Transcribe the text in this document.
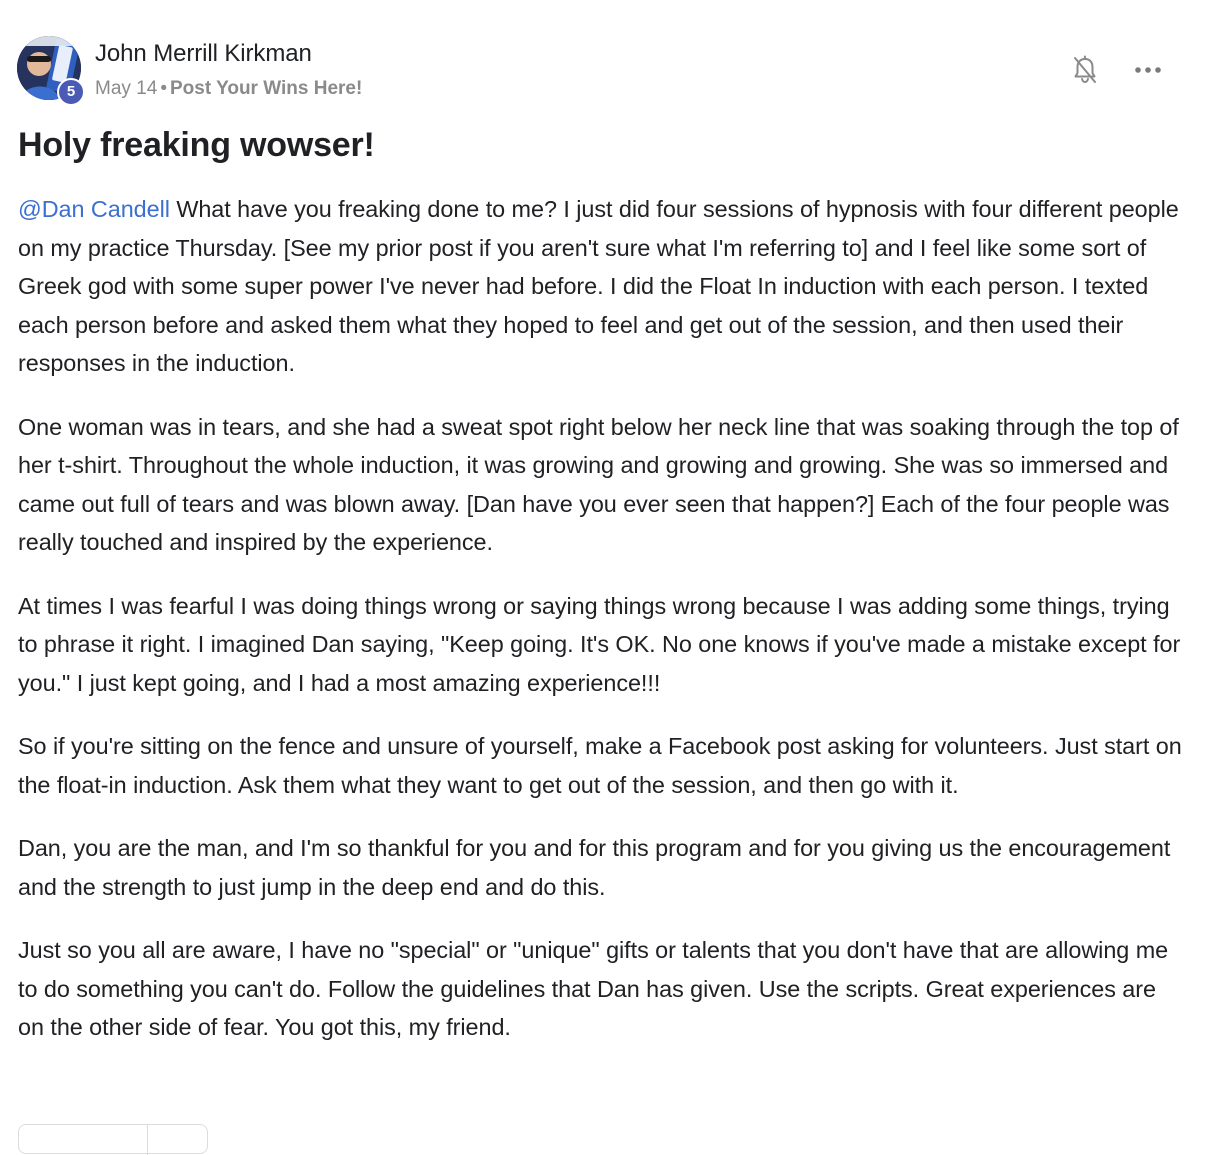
5
John Merrill Kirkman
May 14 • Post Your Wins Here!
Holy freaking wowser!

@Dan Candell What have you freaking done to me? I just did four sessions of hypnosis with four different people on my practice Thursday. [See my prior post if you aren't sure what I'm referring to] and I feel like some sort of Greek god with some super power I've never had before. I did the Float In induction with each person. I texted each person before and asked them what they hoped to feel and get out of the session, and then used their responses in the induction.

One woman was in tears, and she had a sweat spot right below her neck line that was soaking through the top of her t-shirt. Throughout the whole induction, it was growing and growing and growing. She was so immersed and came out full of tears and was blown away. [Dan have you ever seen that happen?] Each of the four people was really touched and inspired by the experience.

At times I was fearful I was doing things wrong or saying things wrong because I was adding some things, trying to phrase it right. I imagined Dan saying, "Keep going. It's OK. No one knows if you've made a mistake except for you." I just kept going, and I had a most amazing experience!!!

So if you're sitting on the fence and unsure of yourself, make a Facebook post asking for volunteers. Just start on the float-in induction. Ask them what they want to get out of the session, and then go with it.

Dan, you are the man, and I'm so thankful for you and for this program and for you giving us the encouragement and the strength to just jump in the deep end and do this.

Just so you all are aware, I have no "special" or "unique" gifts or talents that you don't have that are allowing me to do something you can't do. Follow the guidelines that Dan has given. Use the scripts. Great experiences are on the other side of fear. You got this, my friend.
